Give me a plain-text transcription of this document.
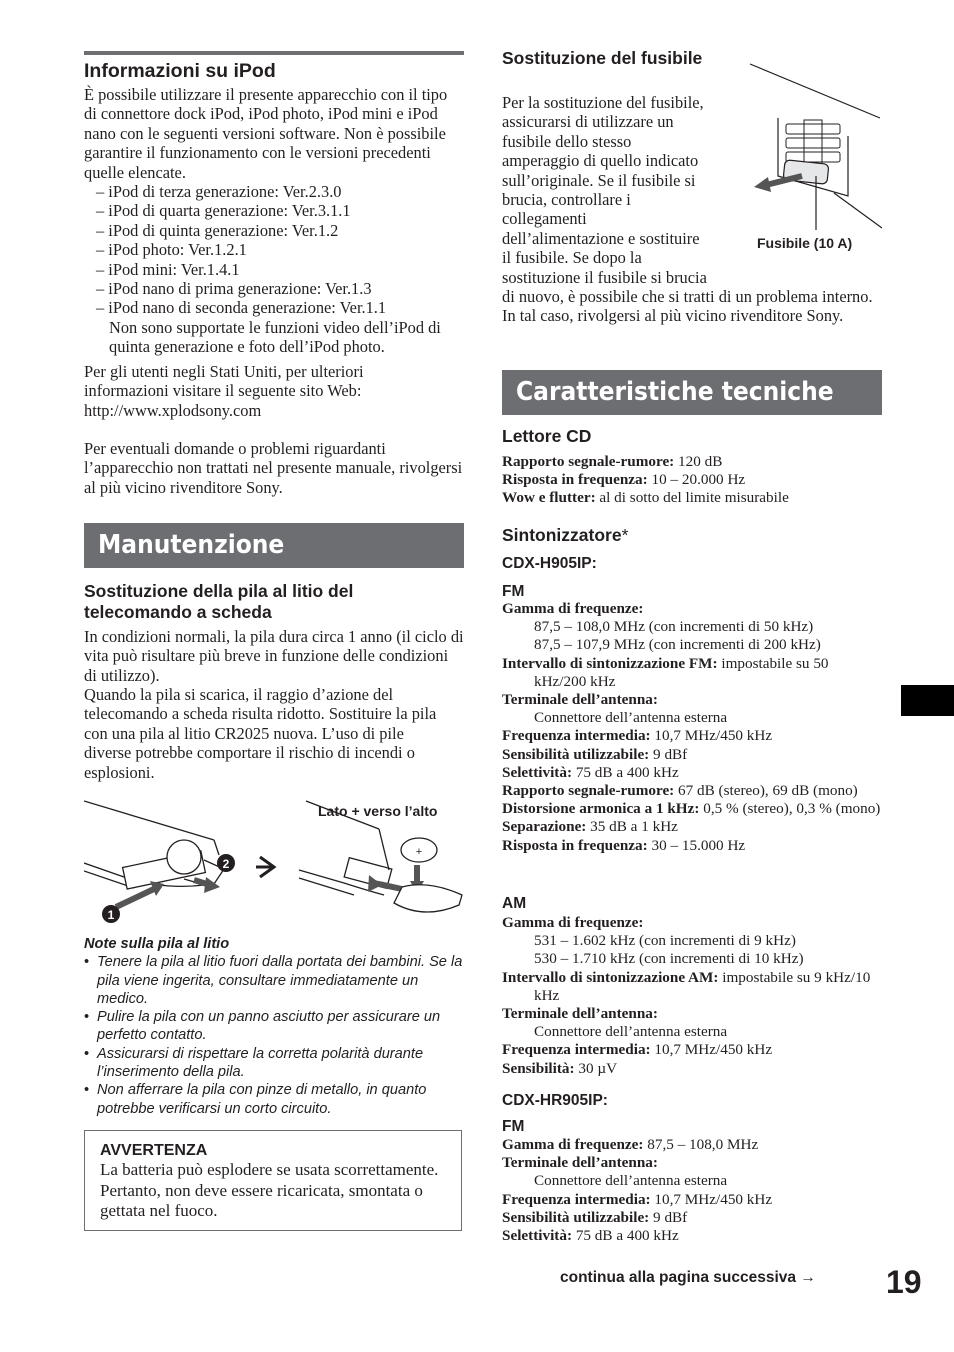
Informazioni su iPod

È possibile utilizzare il presente apparecchio con il tipo di connettore dock iPod, iPod photo, iPod mini e iPod nano con le seguenti versioni software. Non è possibile garantire il funzionamento con le versioni precedenti quelle elencate.

– iPod di terza generazione: Ver.2.3.0
– iPod di quarta generazione: Ver.3.1.1
– iPod di quinta generazione: Ver.1.2
– iPod photo: Ver.1.2.1
– iPod mini: Ver.1.4.1
– iPod nano di prima generazione: Ver.1.3
– iPod nano di seconda generazione: Ver.1.1

Non sono supportate le funzioni video dell’iPod di quinta generazione e foto dell’iPod photo.

Per gli utenti negli Stati Uniti, per ulteriori informazioni visitare il seguente sito Web:

http://www.xplodsony.com

Per eventuali domande o problemi riguardanti l’apparecchio non trattati nel presente manuale, rivolgersi al più vicino rivenditore Sony.

Manutenzione
Sostituzione della pila al litio del telecomando a scheda

In condizioni normali, la pila dura circa 1 anno (il ciclo di vita può risultare più breve in funzione delle condizioni di utilizzo).

Quando la pila si scarica, il raggio d’azione del telecomando a scheda risulta ridotto. Sostituire la pila con una pila al litio CR2025 nuova. L’uso di pile diverse potrebbe comportare il rischio di incendi o esplosioni.

2
1
Lato + verso l’alto
+
Note sulla pila al litio
• Tenere la pila al litio fuori dalla portata dei bambini. Se la pila viene ingerita, consultare immediatamente un medico.
• Pulire la pila con un panno asciutto per assicurare un perfetto contatto.
• Assicurarsi di rispettare la corretta polarità durante l’inserimento della pila.
• Non afferrare la pila con pinze di metallo, in quanto potrebbe verificarsi un corto circuito.
AVVERTENZA
La batteria può esplodere se usata scorrettamente. Pertanto, non deve essere ricaricata, smontata o gettata nel fuoco.
Sostituzione del fusibile
Per la sostituzione del fusibile,
assicurarsi di utilizzare un
fusibile dello stesso
amperaggio di quello indicato
sull’originale. Se il fusibile si
brucia, controllare i
collegamenti
dell’alimentazione e sostituire
il fusibile. Se dopo la
sostituzione il fusibile si brucia

di nuovo, è possibile che si tratti di un problema interno. In tal caso, rivolgersi al più vicino rivenditore Sony.

Fusibile (10 A)
Caratteristiche tecniche
Lettore CD
Rapporto segnale-rumore: 120 dB
Risposta in frequenza: 10 – 20.000 Hz
Wow e flutter: al di sotto del limite misurabile
Sintonizzatore*
CDX-H905IP:
FM
Gamma di frequenze:
87,5 – 108,0 MHz (con incrementi di 50 kHz)
87,5 – 107,9 MHz (con incrementi di 200 kHz)
Intervallo di sintonizzazione FM: impostabile su 50 kHz/200 kHz
Terminale dell’antenna:
Connettore dell’antenna esterna
Frequenza intermedia: 10,7 MHz/450 kHz
Sensibilità utilizzabile: 9 dBf
Selettività: 75 dB a 400 kHz
Rapporto segnale-rumore: 67 dB (stereo), 69 dB (mono)
Distorsione armonica a 1 kHz: 0,5 % (stereo), 0,3 % (mono)
Separazione: 35 dB a 1 kHz
Risposta in frequenza: 30 – 15.000 Hz
AM
Gamma di frequenze:
531 – 1.602 kHz (con incrementi di 9 kHz)
530 – 1.710 kHz (con incrementi di 10 kHz)
Intervallo di sintonizzazione AM: impostabile su 9 kHz/10 kHz
Terminale dell’antenna:
Connettore dell’antenna esterna
Frequenza intermedia: 10,7 MHz/450 kHz
Sensibilità: 30 µV
CDX-HR905IP:
FM
Gamma di frequenze: 87,5 – 108,0 MHz
Terminale dell’antenna:
Connettore dell’antenna esterna
Frequenza intermedia: 10,7 MHz/450 kHz
Sensibilità utilizzabile: 9 dBf
Selettività: 75 dB a 400 kHz
continua alla pagina successiva → 19
